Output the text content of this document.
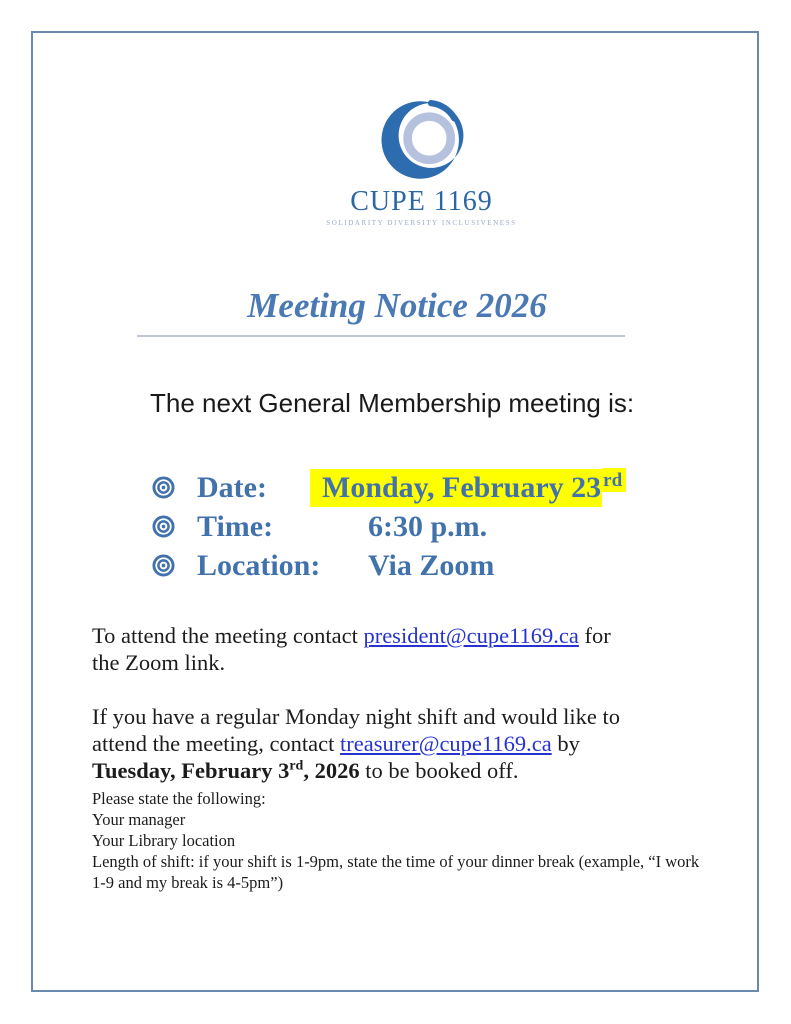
CUPE 1169
SOLIDARITY DIVERSITY INCLUSIVENESS
Meeting Notice 2026

The next General Membership meeting is:

Date:	Monday, February 23 $^{rd}$
Time:	6:30 p.m.
Location:	Via Zoom

To attend the meeting contact president@cupe1169.ca for
the Zoom link.

If you have a regular Monday night shift and would like to
attend the meeting, contact treasurer@cupe1169.ca by
Tuesday, February 3rd, 2026 to be booked off.

Please state the following:
Your manager
Your Library location
Length of shift: if your shift is 1-9pm, state the time of your dinner break (example, “I work
1-9 and my break is 4-5pm”)
